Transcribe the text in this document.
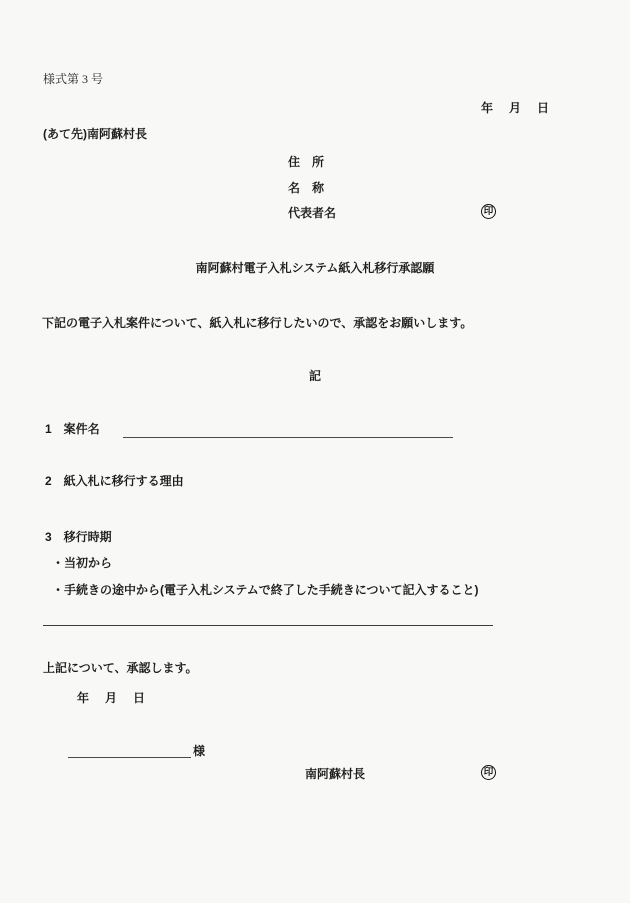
様式第 3 号
年　月　日
(あて先)南阿蘇村長
住　所
名　称
代表者名	印
南阿蘇村電子入札システム紙入札移行承認願
下記の電子入札案件について、紙入札に移行したいので、承認をお願いします。
記
1　案件名
2　紙入札に移行する理由
3　移行時期
・当初から
・手続きの途中から(電子入札システムで終了した手続きについて記入すること)
上記について、承認します。
年　月　日
様
南阿蘇村長	印
